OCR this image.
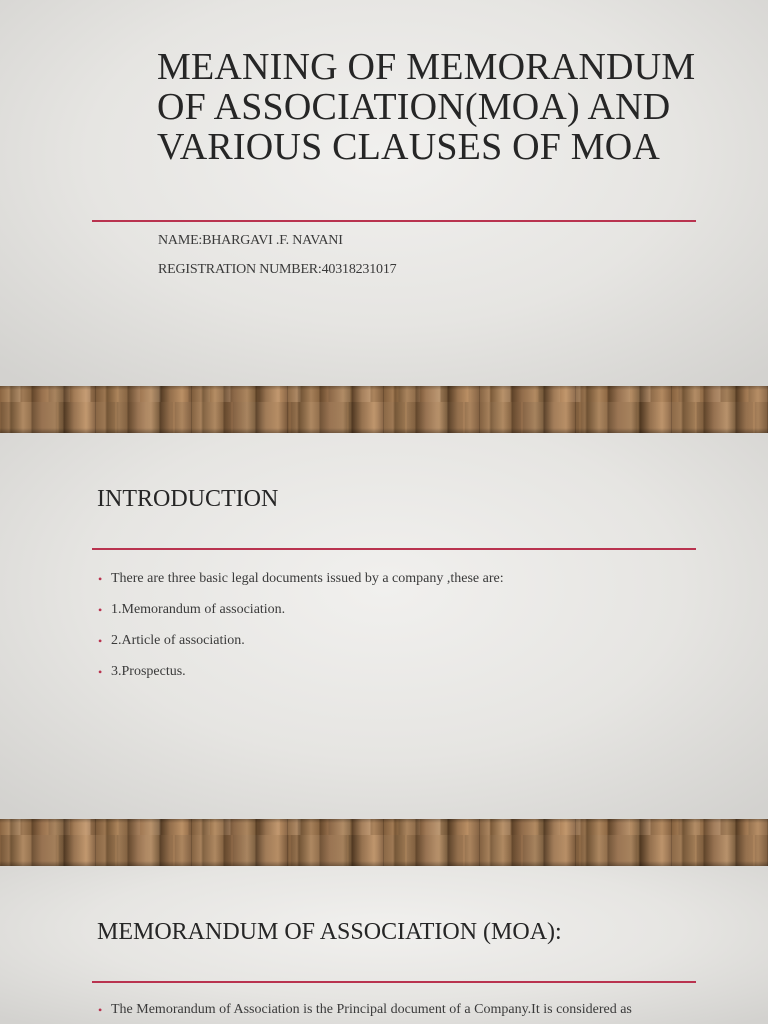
MEANING OF MEMORANDUM OF ASSOCIATION(MOA) AND VARIOUS CLAUSES OF MOA

NAME:BHARGAVI .F. NAVANI

REGISTRATION NUMBER:40318231017

INTRODUCTION
• There are three basic legal documents issued by a company ,these are:
• 1.Memorandum of association.
• 2.Article of association.
• 3.Prospectus.
MEMORANDUM OF ASSOCIATION (MOA):
• The Memorandum of Association is the Principal document of a Company.It is considered as
